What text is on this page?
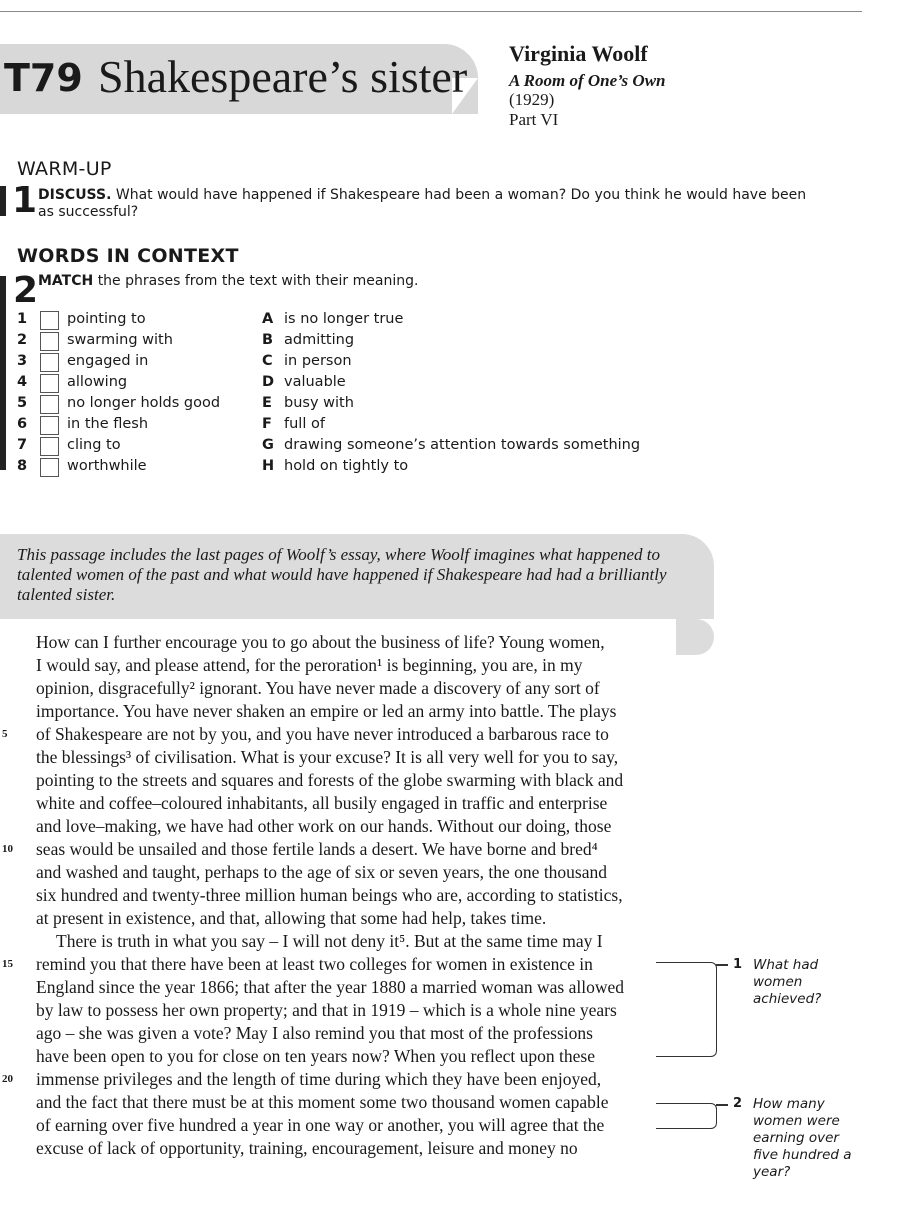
T79 Shakespeare’s sister Virginia Woolf
A Room of One’s Own
(1929)
Part VI
WARM-UP
1 DISCUSS. What would have happened if Shakespeare had been a woman? Do you think he would have been
as successful?
WORDS IN CONTEXT
2 MATCH the phrases from the text with their meaning.
1	pointing to	A is no longer true
2	swarming with	B admitting
3	engaged in	C in person
4	allowing	D valuable
5	no longer holds good	E busy with
6	in the flesh	F full of
7	cling to	G drawing someone’s attention towards something
8	worthwhile	H hold on tightly to
This passage includes the last pages of Woolf’s essay, where Woolf imagines what happened to
talented women of the past and what would have happened if Shakespeare had had a brilliantly
talented sister.
How can I further encourage you to go about the business of life? Young women,
I would say, and please attend, for the peroration¹ is beginning, you are, in my
opinion, disgracefully² ignorant. You have never made a discovery of any sort of
importance. You have never shaken an empire or led an army into battle. The plays
of Shakespeare are not by you, and you have never introduced a barbarous race to
the blessings³ of civilisation. What is your excuse? It is all very well for you to say,
pointing to the streets and squares and forests of the globe swarming with black and
white and coffee–coloured inhabitants, all busily engaged in traffic and enterprise
and love–making, we have had other work on our hands. Without our doing, those
seas would be unsailed and those fertile lands a desert. We have borne and bred⁴
and washed and taught, perhaps to the age of six or seven years, the one thousand
six hundred and twenty-three million human beings who are, according to statistics,
at present in existence, and that, allowing that some had help, takes time.
There is truth in what you say – I will not deny it⁵. But at the same time may I
remind you that there have been at least two colleges for women in existence in
England since the year 1866; that after the year 1880 a married woman was allowed
by law to possess her own property; and that in 1919 – which is a whole nine years
ago – she was given a vote? May I also remind you that most of the professions
have been open to you for close on ten years now? When you reflect upon these
immense privileges and the length of time during which they have been enjoyed,
and the fact that there must be at this moment some two thousand women capable
of earning over five hundred a year in one way or another, you will agree that the
excuse of lack of opportunity, training, encouragement, leisure and money no
5
10
15
20
1 What had
women
achieved?
2 How many
women were
earning over
five hundred a
year?
